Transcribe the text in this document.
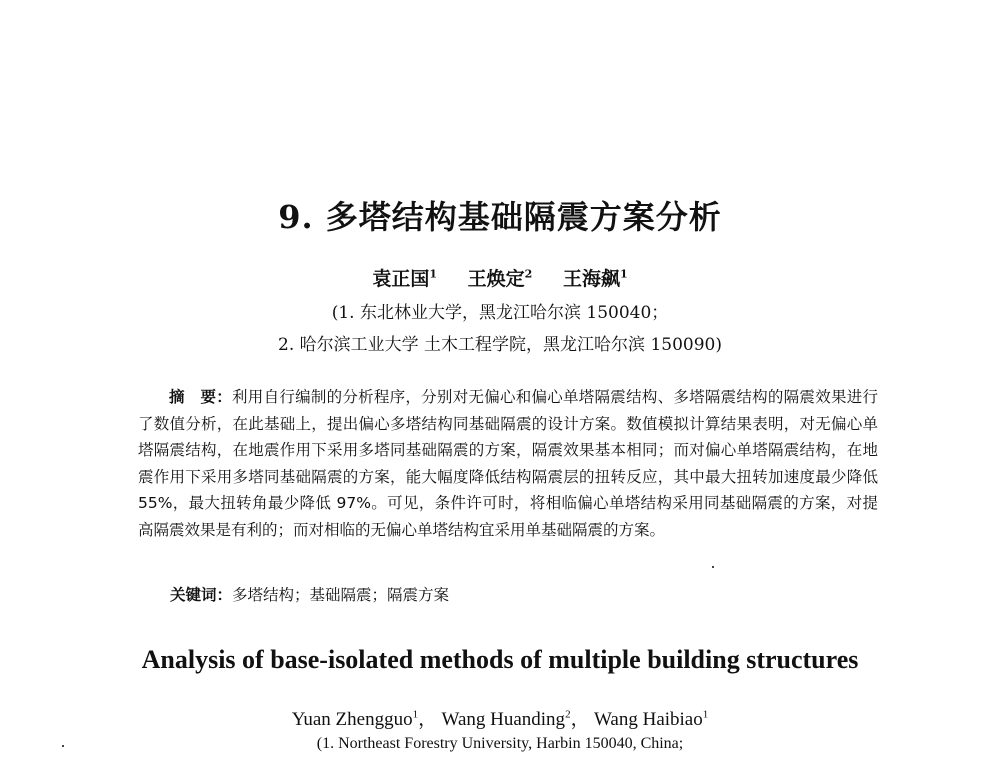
9. 多塔结构基础隔震方案分析
袁正国$^1$ 王焕定$^2$ 王海飙$^1$
(1. 东北林业大学，黑龙江哈尔滨 150040；
2. 哈尔滨工业大学 土木工程学院，黑龙江哈尔滨 150090)

摘　要：利用自行编制的分析程序，分别对无偏心和偏心单塔隔震结构、多塔隔震结构的隔震效果进行了数值分析，在此基础上，提出偏心多塔结构同基础隔震的设计方案。数值模拟计算结果表明，对无偏心单塔隔震结构，在地震作用下采用多塔同基础隔震的方案，隔震效果基本相同；而对偏心单塔隔震结构，在地震作用下采用多塔同基础隔震的方案，能大幅度降低结构隔震层的扭转反应，其中最大扭转加速度最少降低 55%，最大扭转角最少降低 97%。可见，条件许可时，将相临偏心单塔结构采用同基础隔震的方案，对提高隔震效果是有利的；而对相临的无偏心单塔结构宜采用单基础隔震的方案。

关键词：多塔结构；基础隔震；隔震方案
Analysis of base-isolated methods of multiple building structures
Yuan Zhengguo$^1$， Wang Huanding$^2$， Wang Haibiao$^1$
(1. Northeast Forestry University, Harbin 150040, China;
